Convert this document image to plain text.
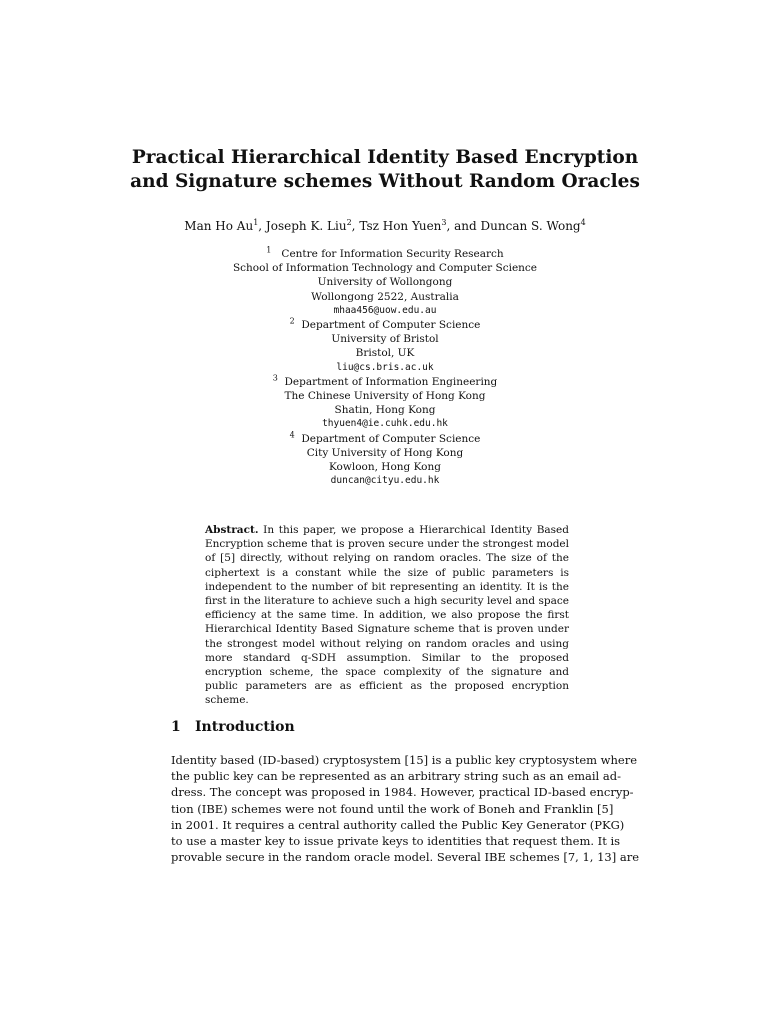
Practical Hierarchical Identity Based Encryption
and Signature schemes Without Random Oracles
Man Ho Au$^1$, Joseph K. Liu$^2$, Tsz Hon Yuen$^3$, and Duncan S. Wong$^4$
$^1$ Centre for Information Security Research
School of Information Technology and Computer Science
University of Wollongong
Wollongong 2522, Australia
mhaa456@uow.edu.au
$^2$ Department of Computer Science
University of Bristol
Bristol, UK
liu@cs.bris.ac.uk
$^3$ Department of Information Engineering
The Chinese University of Hong Kong
Shatin, Hong Kong
thyuen4@ie.cuhk.edu.hk
$^4$ Department of Computer Science
City University of Hong Kong
Kowloon, Hong Kong
duncan@cityu.edu.hk
Abstract. In this paper, we propose a Hierarchical Identity Based Encryption scheme that is proven secure under the strongest model of [5] directly, without relying on random oracles. The size of the ciphertext is a constant while the size of public parameters is independent to the number of bit representing an identity. It is the first in the literature to achieve such a high security level and space efficiency at the same time. In addition, we also propose the first Hierarchical Identity Based Signature scheme that is proven under the strongest model without relying on random oracles and using more standard q-SDH assumption. Similar to the proposed encryption scheme, the space complexity of the signature and public parameters are as efficient as the proposed encryption scheme.
1 Introduction
Identity based (ID-based) cryptosystem [15] is a public key cryptosystem where
the public key can be represented as an arbitrary string such as an email ad-
dress. The concept was proposed in 1984. However, practical ID-based encryp-
tion (IBE) schemes were not found until the work of Boneh and Franklin [5]
in 2001. It requires a central authority called the Public Key Generator (PKG)
to use a master key to issue private keys to identities that request them. It is
provable secure in the random oracle model. Several IBE schemes [7, 1, 13] are
